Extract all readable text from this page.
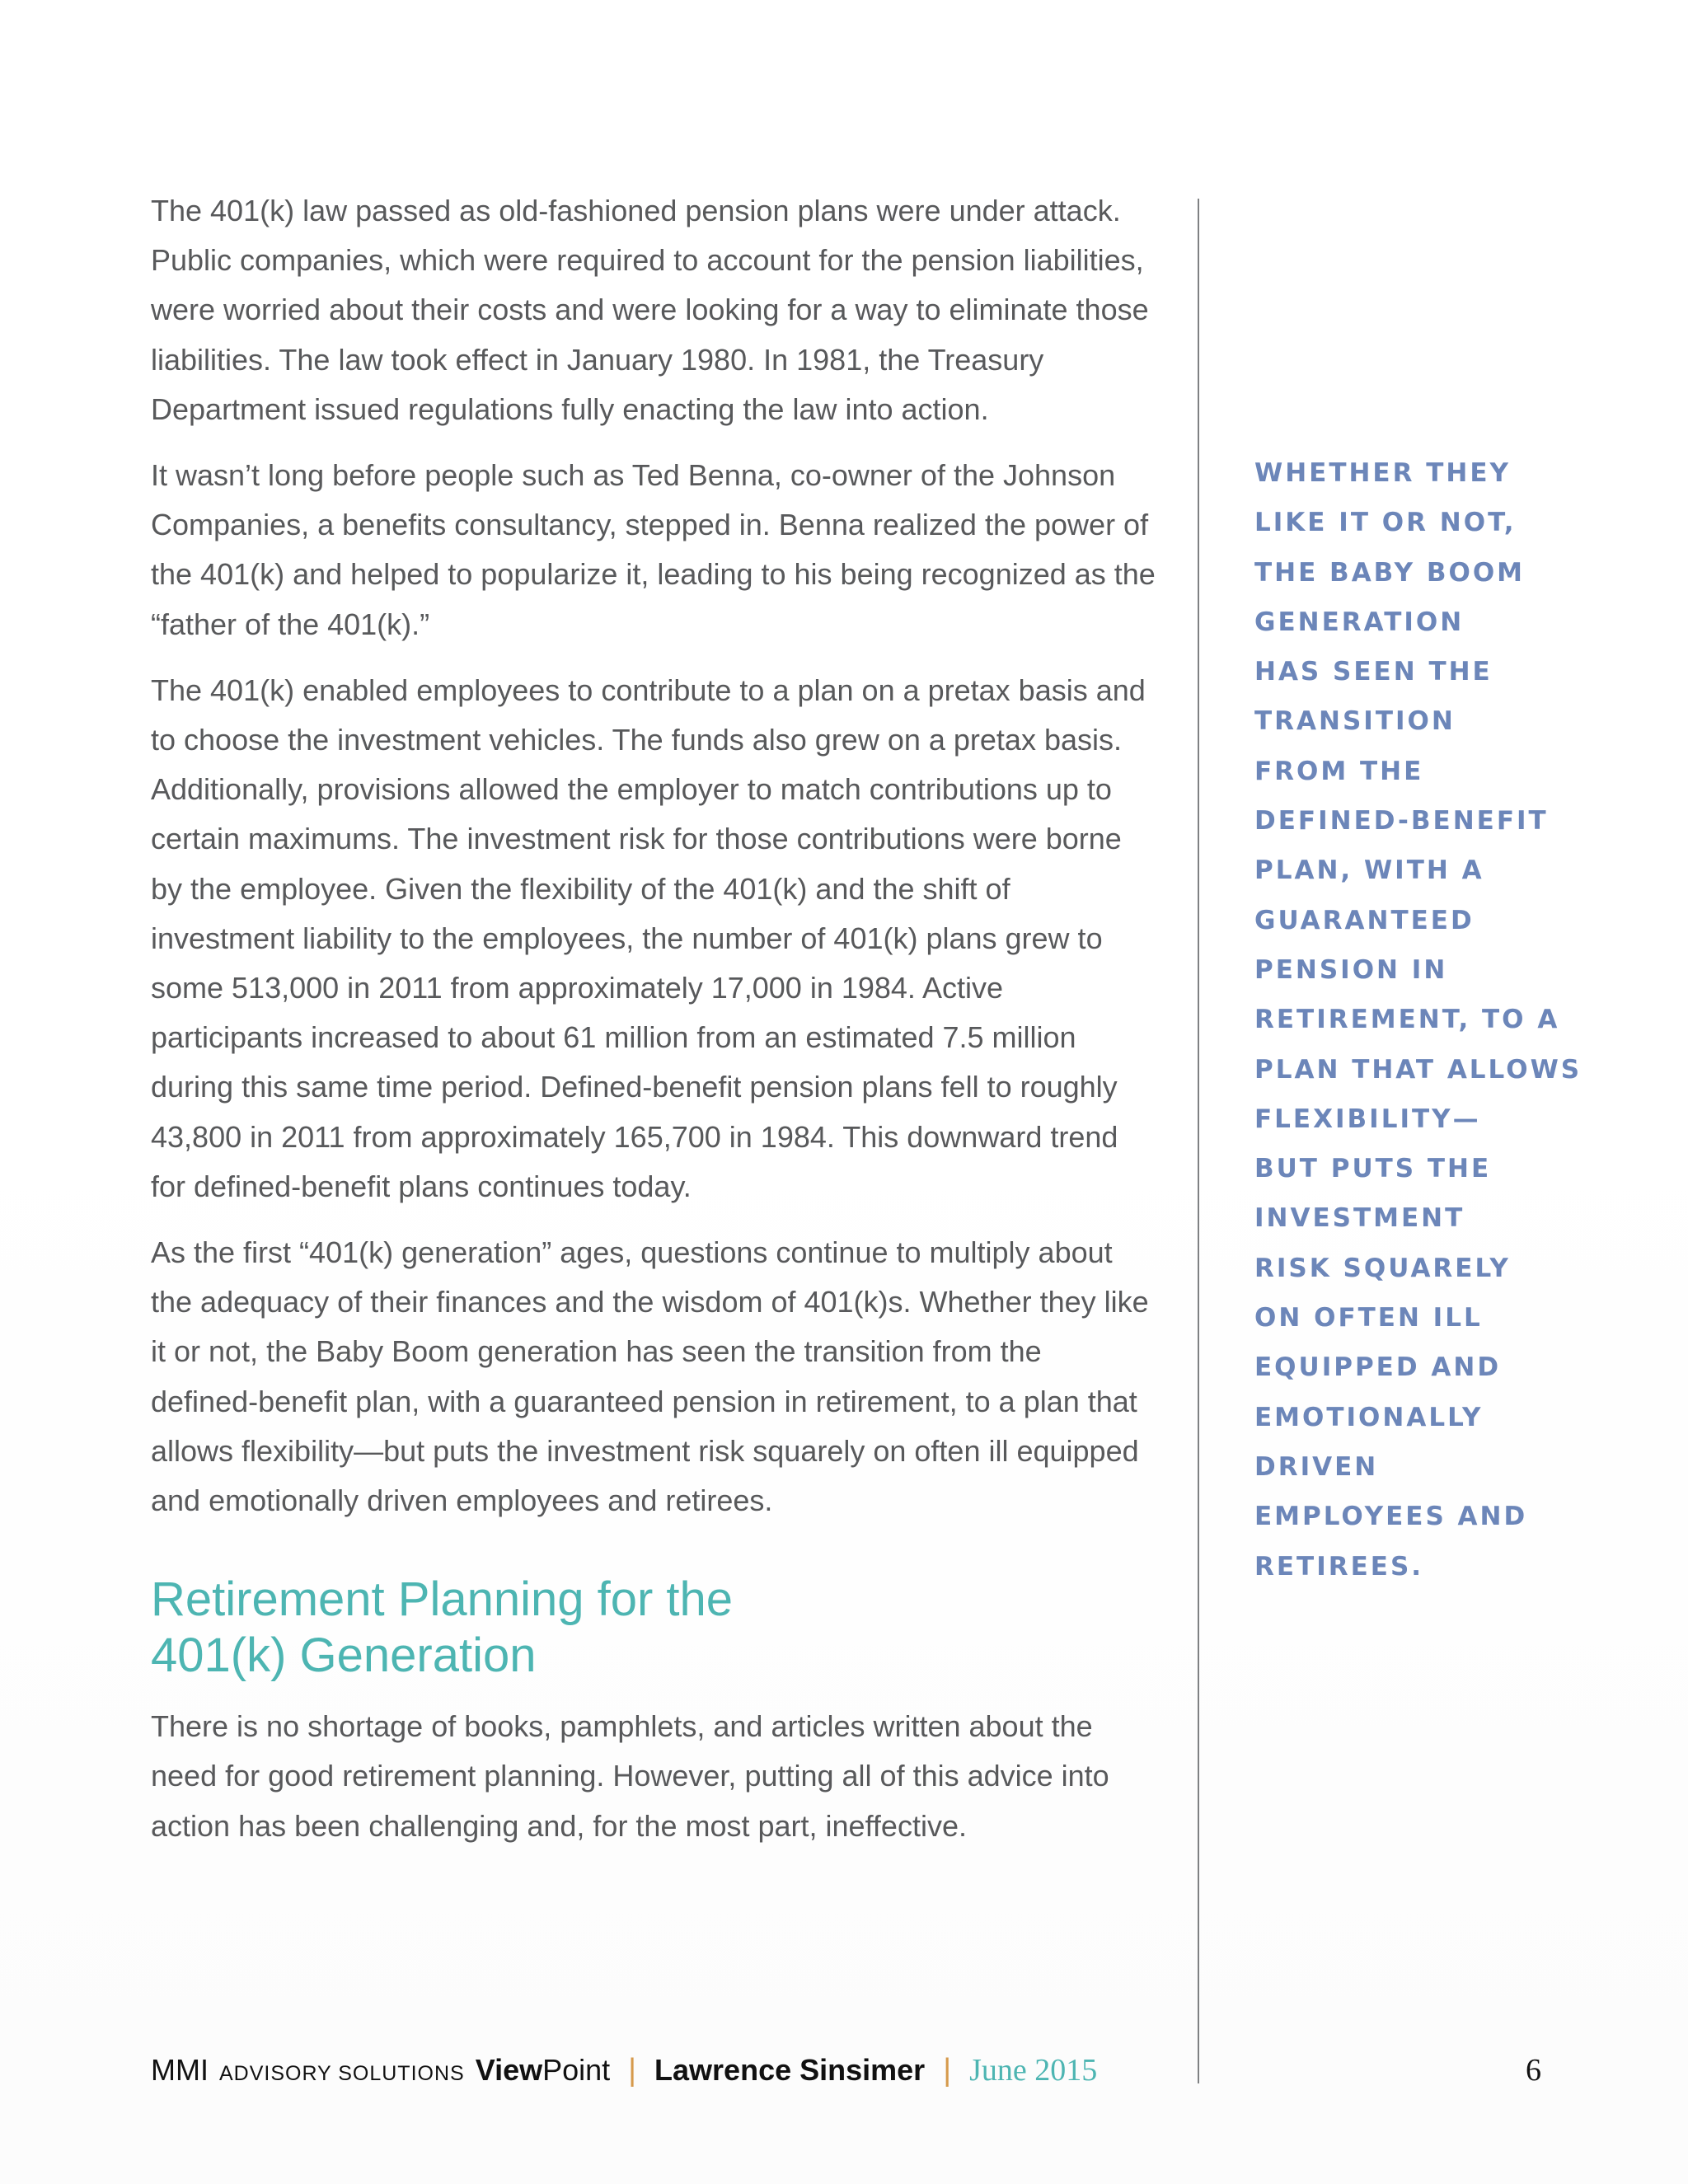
The 401(k) law passed as old-fashioned pension plans were under attack. Public companies, which were required to account for the pension liabilities, were worried about their costs and were looking for a way to eliminate those liabilities. The law took effect in January 1980. In 1981, the Treasury Department issued regulations fully enacting the law into action.

It wasn’t long before people such as Ted Benna, co-owner of the Johnson Companies, a benefits consultancy, stepped in. Benna realized the power of the 401(k) and helped to popularize it, leading to his being recognized as the “father of the 401(k).”

The 401(k) enabled employees to contribute to a plan on a pretax basis and to choose the investment vehicles. The funds also grew on a pretax basis. Additionally, provisions allowed the employer to match contributions up to certain maximums. The investment risk for those contributions were borne by the employee. Given the flexibility of the 401(k) and the shift of investment liability to the employees, the number of 401(k) plans grew to some 513,000 in 2011 from approximately 17,000 in 1984. Active participants increased to about 61 million from an estimated 7.5 million during this same time period. Defined-benefit pension plans fell to roughly 43,800 in 2011 from approximately 165,700 in 1984. This downward trend for defined-benefit plans continues today.

As the first “401(k) generation” ages, questions continue to multiply about the adequacy of their finances and the wisdom of 401(k)s. Whether they like it or not, the Baby Boom generation has seen the transition from the defined-benefit plan, with a guaranteed pension in retirement, to a plan that allows flexibility—but puts the investment risk squarely on often ill equipped and emotionally driven employees and retirees.

Retirement Planning for the
401(k) Generation

There is no shortage of books, pamphlets, and articles written about the need for good retirement planning. However, putting all of this advice into action has been challenging and, for the most part, ineffective.

WHETHER THEY
LIKE IT OR NOT,
THE BABY BOOM
GENERATION
HAS SEEN THE
TRANSITION
FROM THE
DEFINED-BENEFIT
PLAN, WITH A
GUARANTEED
PENSION IN
RETIREMENT, TO A
PLAN THAT ALLOWS
FLEXIBILITY—
BUT PUTS THE
INVESTMENT
RISK SQUARELY
ON OFTEN ILL
EQUIPPED AND
EMOTIONALLY
DRIVEN
EMPLOYEES AND
RETIREES.
MMI ADVISORY SOLUTIONS View Point | Lawrence Sinsimer | June 2015	6
